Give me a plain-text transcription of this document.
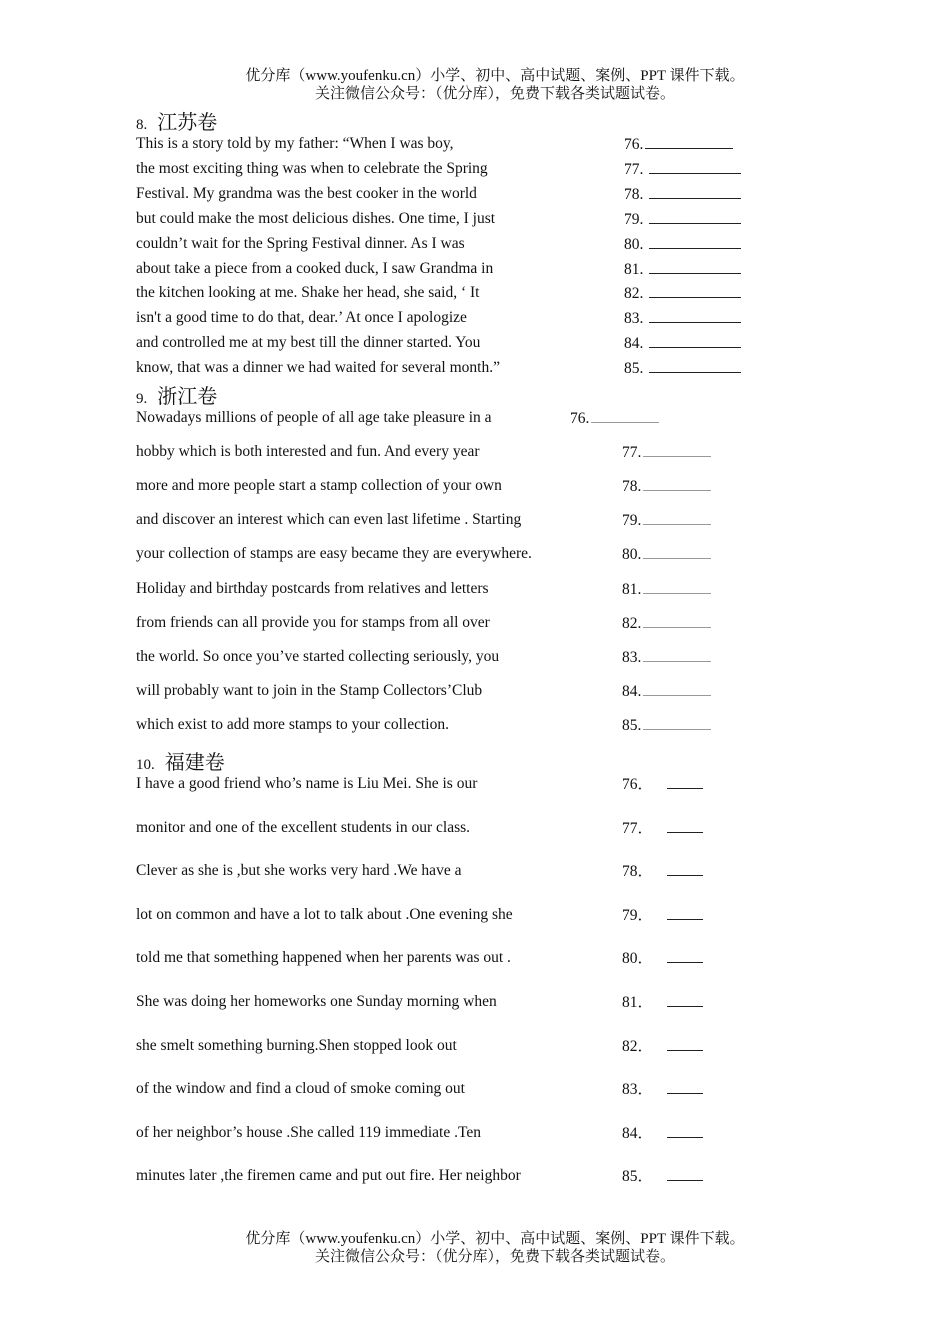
优分库（www.youfenku.cn）小学、初中、高中试题、案例、PPT 课件下载。
关注微信公众号：（优分库），免费下载各类试题试卷。
8. 江苏卷
This is a story told by my father: “When I was boy,	76.
the most exciting thing was when to celebrate the Spring	77.
Festival. My grandma was the best cooker in the world	78.
but could make the most delicious dishes. One time, I just	79.
couldn’t wait for the Spring Festival dinner. As I was	80.
about take a piece from a cooked duck, I saw Grandma in	81.
the kitchen looking at me. Shake her head, she said, ‘ It	82.
isn't a good time to do that, dear.’ At once I apologize	83.
and controlled me at my best till the dinner started. You	84.
know, that was a dinner we had waited for several month.”	85.
9. 浙江卷
Nowadays millions of people of all age take pleasure in a	76.
hobby which is both interested and fun. And every year	77.
more and more people start a stamp collection of your own	78.
and discover an interest which can even last lifetime . Starting	79.
your collection of stamps are easy became they are everywhere.	80.
Holiday and birthday postcards from relatives and letters	81.
from friends can all provide you for stamps from all over	82.
the world. So once you’ve started collecting seriously, you	83.
will probably want to join in the Stamp Collectors’Club	84.
which exist to add more stamps to your collection.	85.
10. 福建卷
I have a good friend who’s name is Liu Mei. She is our	76．
monitor and one of the excellent students in our class.	77．
Clever as she is ,but she works very hard .We have a	78．
lot on common and have a lot to talk about .One evening she	79．
told me that something happened when her parents was out .	80．
She was doing her homeworks one Sunday morning when	81．
she smelt something burning.Shen stopped look out	82．
of the window and find a cloud of smoke coming out	83．
of her neighbor’s house .She called 119 immediate .Ten	84．
minutes later ,the firemen came and put out fire. Her neighbor	85．
优分库（www.youfenku.cn）小学、初中、高中试题、案例、PPT 课件下载。
关注微信公众号：（优分库），免费下载各类试题试卷。
